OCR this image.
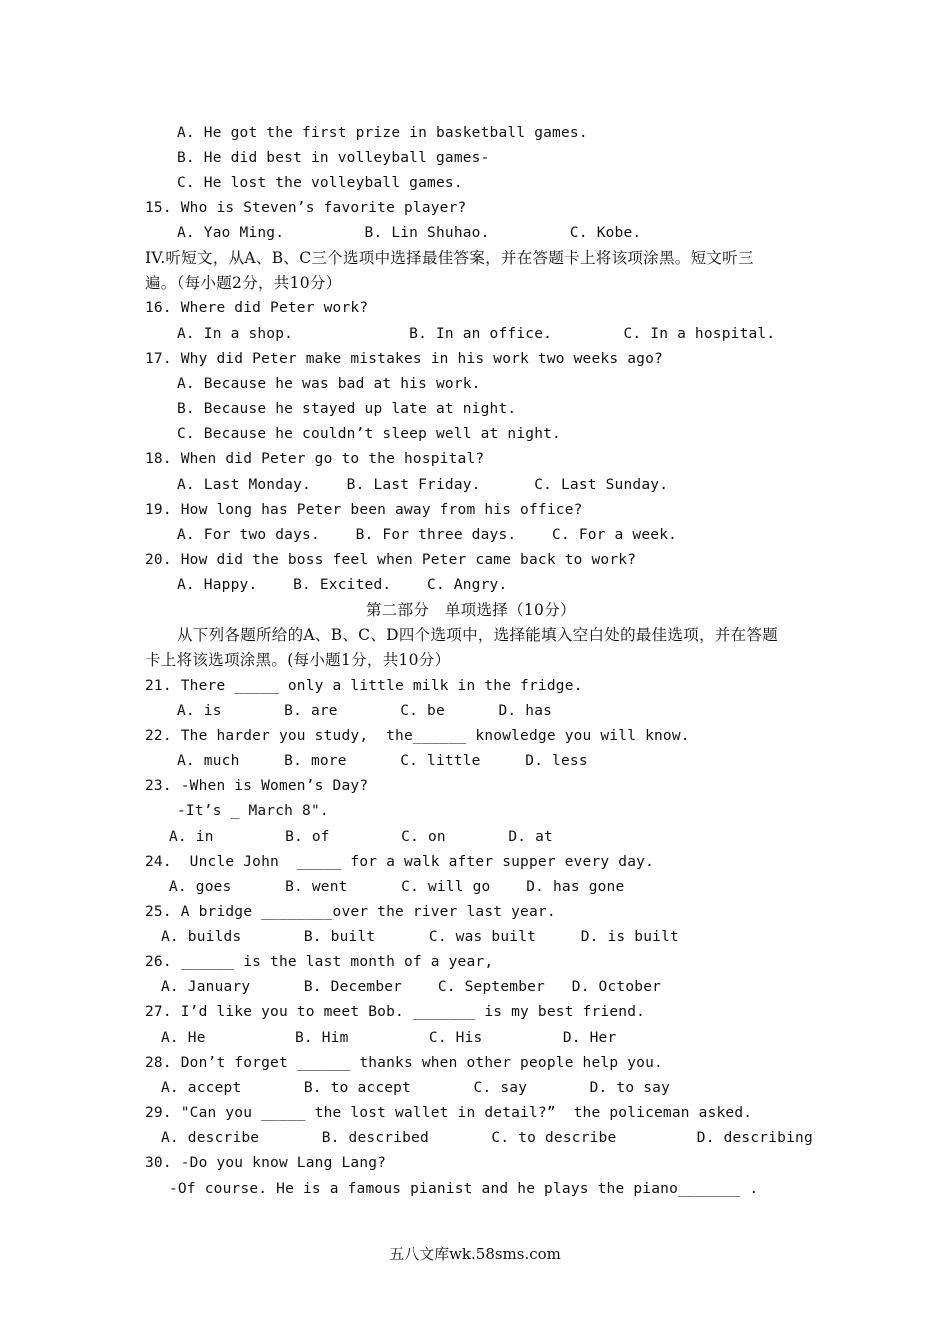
A. He got the first prize in basketball games.
B. He did best in volleyball games-
C. He lost the volleyball games.
15. Who is Steven’s favorite player?
A. Yao Ming.         B. Lin Shuhao.         C. Kobe.
IV.听短文，从A、B、C三个选项中选择最佳答案，并在答题卡上将该项涂黑。短文听三
遍。（每小题2分，共10分）
16. Where did Peter work?
A. In a shop.             B. In an office.        C. In a hospital.
17. Why did Peter make mistakes in his work two weeks ago?
A. Because he was bad at his work.
B. Because he stayed up late at night.
C. Because he couldn’t sleep well at night.
18. When did Peter go to the hospital?
A. Last Monday.    B. Last Friday.      C. Last Sunday.
19. How long has Peter been away from his office?
A. For two days.    B. For three days.    C. For a week.
20. How did the boss feel when Peter came back to work?
A. Happy.    B. Excited.    C. Angry.
第二部分   单项选择（10分）
从下列各题所给的A、B、C、D四个选项中，选择能填入空白处的最佳选项，并在答题
卡上将该选项涂黑。(每小题1分，共10分）
21. There _____ only a little milk in the fridge.
A. is       B. are       C. be      D. has
22. The harder you study,  the______ knowledge you will know.
A. much     B. more      C. little     D. less
23. -When is Women’s Day?
-It’s _ March 8".
A. in        B. of        C. on       D. at
24.  Uncle John  _____ for a walk after supper every day.
A. goes      B. went      C. will go    D. has gone
25. A bridge ________over the river last year.
A. builds       B. built      C. was built     D. is built
26. ______ is the last month of a year,
A. January      B. December    C. September   D. October
27. I’d like you to meet Bob. _______ is my best friend.
A. He          B. Him         C. His         D. Her
28. Don’t forget ______ thanks when other people help you.
A. accept       B. to accept       C. say       D. to say
29. "Can you _____ the lost wallet in detail?”  the policeman asked.
A. describe       B. described       C. to describe         D. describing
30. -Do you know Lang Lang?
-Of course. He is a famous pianist and he plays the piano_______ .
五八文库wk.58sms.com
